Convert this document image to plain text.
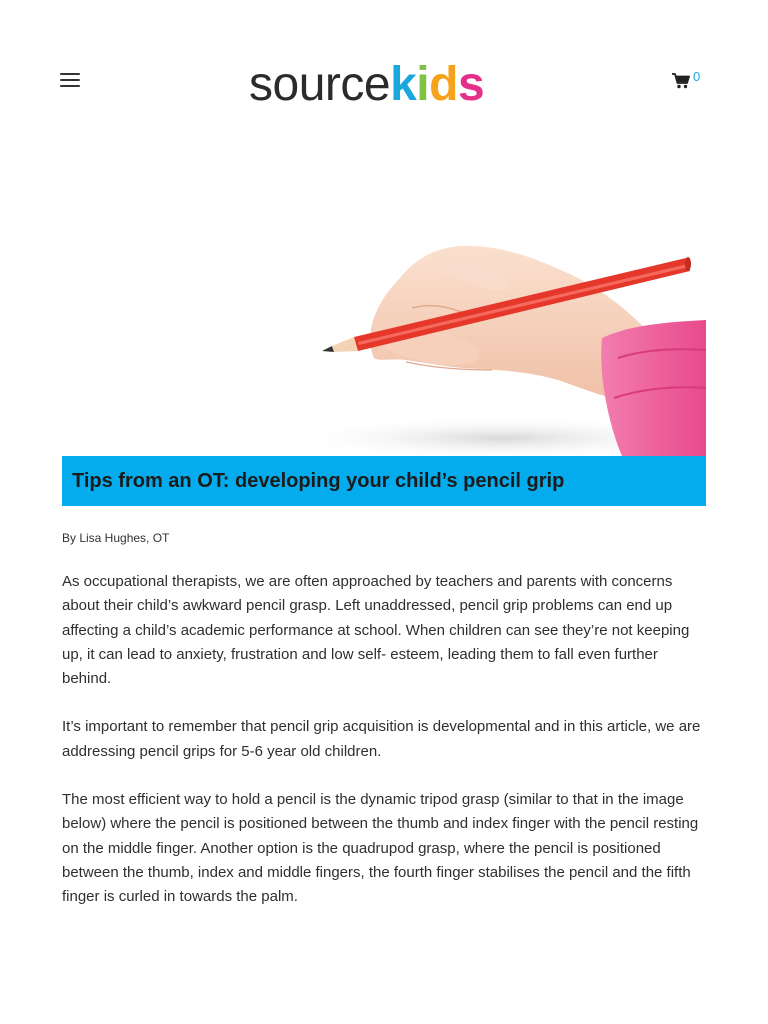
sourcekids	0
Tips from an OT: developing your child’s pencil grip
By Lisa Hughes, OT

As occupational therapists, we are often approached by teachers and parents with concerns about their child’s awkward pencil grasp. Left unaddressed, pencil grip problems can end up affecting a child’s academic performance at school. When children can see they’re not keeping up, it can lead to anxiety, frustration and low self- esteem, leading them to fall even further behind.

It’s important to remember that pencil grip acquisition is developmental and in this article, we are addressing pencil grips for 5-6 year old children.

The most efficient way to hold a pencil is the dynamic tripod grasp (similar to that in the image below) where the pencil is positioned between the thumb and index finger with the pencil resting on the middle finger. Another option is the quadrupod grasp, where the pencil is positioned between the thumb, index and middle fingers, the fourth finger stabilises the pencil and the fifth finger is curled in towards the palm.
